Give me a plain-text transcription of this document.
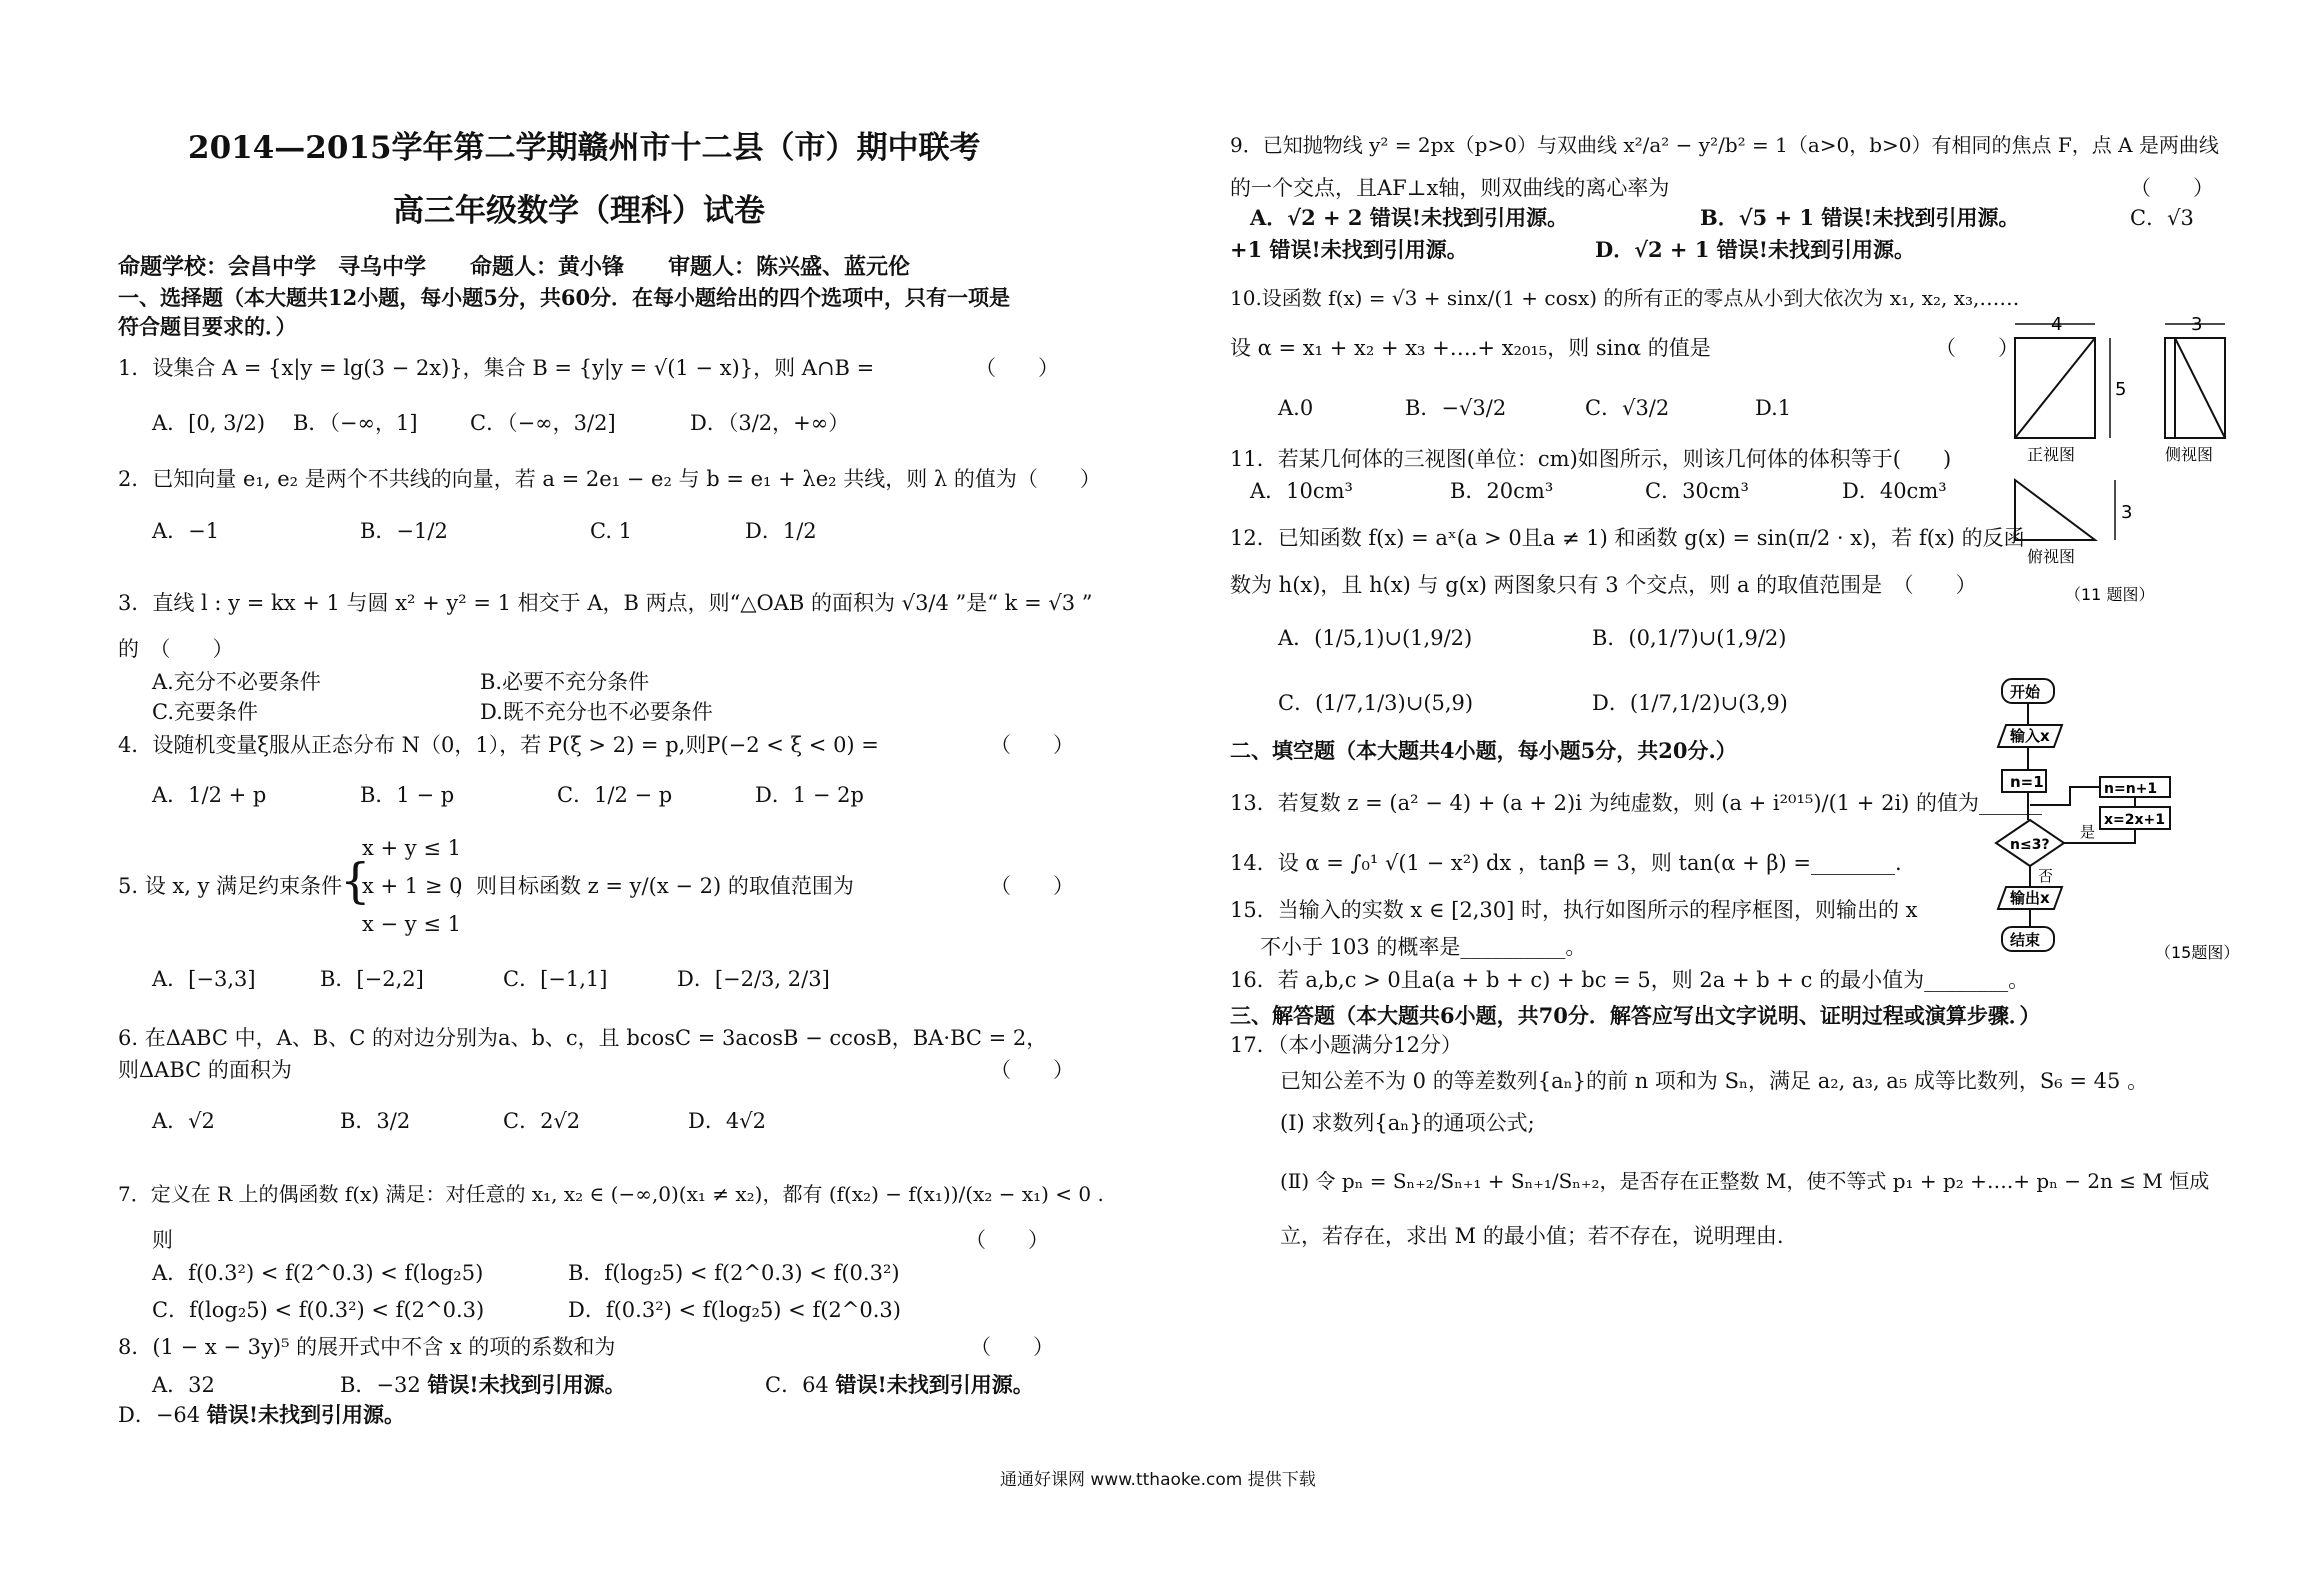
2014—2015学年第二学期赣州市十二县（市）期中联考
高三年级数学（理科）试卷
命题学校：会昌中学　寻乌中学　　命题人：黄小锋　　审题人：陈兴盛、蓝元伦
一、选择题（本大题共12小题，每小题5分，共60分．在每小题给出的四个选项中，只有一项是
符合题目要求的．）
1．设集合 A = {x|y = lg(3 − 2x)}，集合 B = {y|y = √(1 − x)}，则 A∩B =	（　　）
A．[0, 3/2) B．（−∞，1] C．（−∞，3/2]	D．（3/2，+∞）
2．已知向量 e₁, e₂ 是两个不共线的向量，若 a = 2e₁ − e₂ 与 b = e₁ + λe₂ 共线，则 λ 的值为（　　）
A．−1	B．−1/2	C. 1	D．1/2
3．直线 l : y = kx + 1 与圆 x² + y² = 1 相交于 A，B 两点，则“△OAB 的面积为 √3/4 ”是“ k = √3 ”
的　（　　）
A.充分不必要条件	B.必要不充分条件
C.充要条件	D.既不充分也不必要条件
4．设随机变量ξ服从正态分布 N（0，1），若 P(ξ > 2) = p,则P(−2 < ξ < 0) =	（　　）
A．1/2 + p	B．1 − p	C．1/2 − p	D．1 − 2p
5. 设 x, y 满足约束条件
{
x + y ≤ 1
x + 1 ≥ 0
x − y ≤ 1
，则目标函数 z = y/(x − 2) 的取值范围为	（　　）
A．[−3,3]	B．[−2,2]	C．[−1,1]	D．[−2/3, 2/3]
6. 在ΔABC 中，A、B、C 的对边分别为a、b、c，且 bcosC = 3acosB − ccosB，BA·BC = 2，
则ΔABC 的面积为	（　　）
A．√2	B．3/2	C．2√2	D．4√2
7．定义在 R 上的偶函数 f(x) 满足：对任意的 x₁, x₂ ∈ (−∞,0)(x₁ ≠ x₂)，都有 (f(x₂) − f(x₁))/(x₂ − x₁) < 0 .
则	（　　）
A．f(0.3²) < f(2^0.3) < f(log₂5)	B．f(log₂5) < f(2^0.3) < f(0.3²)
C．f(log₂5) < f(0.3²) < f(2^0.3)	D．f(0.3²) < f(log₂5) < f(2^0.3)
8．(1 − x − 3y)⁵ 的展开式中不含 x 的项的系数和为	（　　）
A．32	B．−32 错误!未找到引用源。	C．64 错误!未找到引用源。
D．−64 错误!未找到引用源。
9．已知抛物线 y² = 2px（p>0）与双曲线 x²/a² − y²/b² = 1（a>0，b>0）有相同的焦点 F，点 A 是两曲线
的一个交点，且AF⊥x轴，则双曲线的离心率为	（　　）
A．√2 + 2 错误!未找到引用源。	B．√5 + 1 错误!未找到引用源。	C．√3
+1 错误!未找到引用源。	D．√2 + 1 错误!未找到引用源。
10.设函数 f(x) = √3 + sinx/(1 + cosx) 的所有正的零点从小到大依次为 x₁, x₂, x₃,……
设 α = x₁ + x₂ + x₃ +….+ x₂₀₁₅，则 sinα 的值是	（　　）
A.0	B．−√3/2	C．√3/2	D.1
11．若某几何体的三视图(单位：cm)如图所示，则该几何体的体积等于(　　)
A．10cm³	B．20cm³	C．30cm³	D．40cm³
12．已知函数 f(x) = aˣ(a > 0且a ≠ 1) 和函数 g(x) = sin(π/2 · x)，若 f(x) 的反函
数为 h(x)，且 h(x) 与 g(x) 两图象只有 3 个交点，则 a 的取值范围是　（　　）
A．(1/5,1)∪(1,9/2)	B．(0,1/7)∪(1,9/2)
C．(1/7,1/3)∪(5,9)	D．(1/7,1/2)∪(3,9)
二、填空题（本大题共4小题，每小题5分，共20分.）
13．若复数 z = (a² − 4) + (a + 2)i 为纯虚数，则 (a + i²⁰¹⁵)/(1 + 2i) 的值为______
14．设 α = ∫₀¹ √(1 − x²) dx ，tanβ = 3，则 tan(α + β) =________.
15．当输入的实数 x ∈ [2,30] 时，执行如图所示的程序框图，则输出的 x
不小于 103 的概率是__________。
16．若 a,b,c > 0且a(a + b + c) + bc = 5，则 2a + b + c 的最小值为________。
三、解答题（本大题共6小题，共70分．解答应写出文字说明、证明过程或演算步骤．）
17．（本小题满分12分）
已知公差不为 0 的等差数列{aₙ}的前 n 项和为 Sₙ，满足 a₂, a₃, a₅ 成等比数列，S₆ = 45 。
(Ⅰ) 求数列{aₙ}的通项公式;
(Ⅱ) 令 pₙ = Sₙ₊₂/Sₙ₊₁ + Sₙ₊₁/Sₙ₊₂，是否存在正整数 M，使不等式 p₁ + p₂ +….+ pₙ − 2n ≤ M 恒成
立，若存在，求出 M 的最小值；若不存在，说明理由.
4	3
5
3
正视图	侧视图
俯视图
（11 题图）
开始
输入x
n=1
n≤3?
是
否
n=n+1
x=2x+1
输出x
结束
（15题图）
通通好课网 www.tthaoke.com 提供下载
